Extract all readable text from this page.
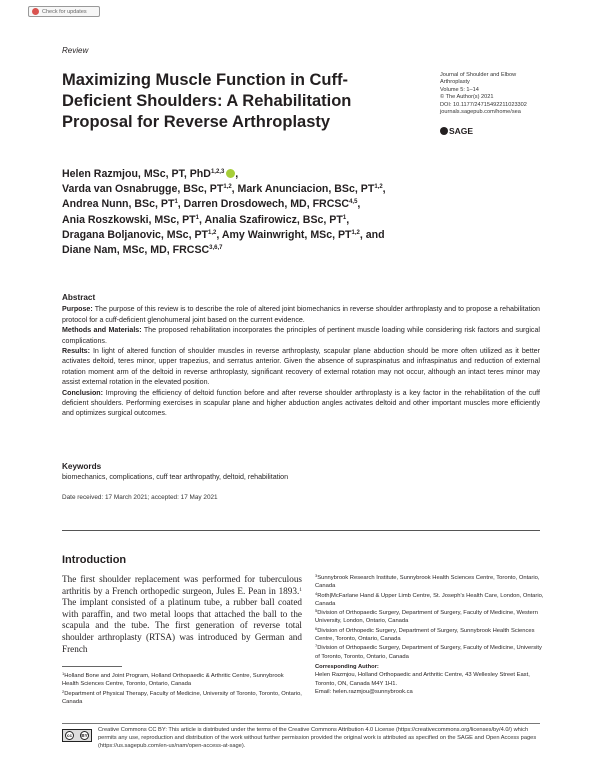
Check for updates
Review
Maximizing Muscle Function in Cuff-Deficient Shoulders: A Rehabilitation Proposal for Reverse Arthroplasty
Journal of Shoulder and Elbow
Arthroplasty
Volume 5: 1–14
© The Author(s) 2021
DOI: 10.1177/24715492211023302
journals.sagepub.com/home/sea
SAGE
Helen Razmjou, MSc, PT, PhD$^{1,2,3}$ ,
Varda van Osnabrugge, BSc, PT$^{1,2}$, Mark Anunciacion, BSc, PT$^{1,2}$,
Andrea Nunn, BSc, $PT^1$, Darren Drosdowech, MD, FRCSC$^{4,5}$,
Ania Roszkowski, MSc, $PT^1$, Analia Szafirowicz, BSc, $PT^1$,
Dragana Boljanovic, MSc, PT$^{1,2}$, Amy Wainwright, MSc, PT$^{1,2}$, and
Diane Nam, MSc, MD, FRCSC$^{3,6,7}$
Abstract

Purpose: The purpose of this review is to describe the role of altered joint biomechanics in reverse shoulder arthroplasty and to propose a rehabilitation protocol for a cuff-deficient glenohumeral joint based on the current evidence.

Methods and Materials: The proposed rehabilitation incorporates the principles of pertinent muscle loading while considering risk factors and surgical complications.

Results: In light of altered function of shoulder muscles in reverse arthroplasty, scapular plane abduction should be more often utilized as it better activates deltoid, teres minor, upper trapezius, and serratus anterior. Given the absence of supraspinatus and infraspinatus and reduction of external rotation moment arm of the deltoid in reverse arthroplasty, significant recovery of external rotation may not occur, although an intact teres minor may assist external rotation in the elevated position.

Conclusion: Improving the efficiency of deltoid function before and after reverse shoulder arthroplasty is a key factor in the rehabilitation of the cuff deficient shoulders. Performing exercises in scapular plane and higher abduction angles activates deltoid and other important muscles more efficiently and optimizes surgical outcomes.

Keywords
biomechanics, complications, cuff tear arthropathy, deltoid, rehabilitation
Date received: 17 March 2021; accepted: 17 May 2021
Introduction
The first shoulder replacement was performed for tuberculous arthritis by a French orthopedic surgeon, Jules E. Pean in 1893.$^1$ The implant consisted of a platinum tube, a rubber ball coated with paraffin, and two metal loops that attached the ball to the scapula and the tube. The first generation of reverse total shoulder arthroplasty (RTSA) was introduced by German and French
$^1$Holland Bone and Joint Program, Holland Orthopaedic & Arthritic Centre, Sunnybrook Health Sciences Centre, Toronto, Ontario, Canada
$^2$Department of Physical Therapy, Faculty of Medicine, University of Toronto, Toronto, Ontario, Canada
$^3$Sunnybrook Research Institute, Sunnybrook Health Sciences Centre, Toronto, Ontario, Canada
$^4$Roth|McFarlane Hand & Upper Limb Centre, St. Joseph's Health Care, London, Ontario, Canada
$^5$Division of Orthopaedic Surgery, Department of Surgery, Faculty of Medicine, Western University, London, Ontario, Canada
$^6$Division of Orthopedic Surgery, Department of Surgery, Sunnybrook Health Sciences Centre, Toronto, Ontario, Canada
$^7$Division of Orthopaedic Surgery, Department of Surgery, Faculty of Medicine, University of Toronto, Toronto, Ontario, Canada
Corresponding Author:
Helen Razmjou, Holland Orthopaedic and Arthritic Centre, 43 Wellesley Street East, Toronto, ON, Canada M4Y 1H1.
Email: helen.razmjou@sunnybrook.ca
cc	BY
Creative Commons CC BY: This article is distributed under the terms of the Creative Commons Attribution 4.0 License (https://creativecommons.org/licenses/by/4.0/) which permits any use, reproduction and distribution of the work without further permission provided the original work is attributed as specified on the SAGE and Open Access pages (https://us.sagepub.com/en-us/nam/open-access-at-sage).
